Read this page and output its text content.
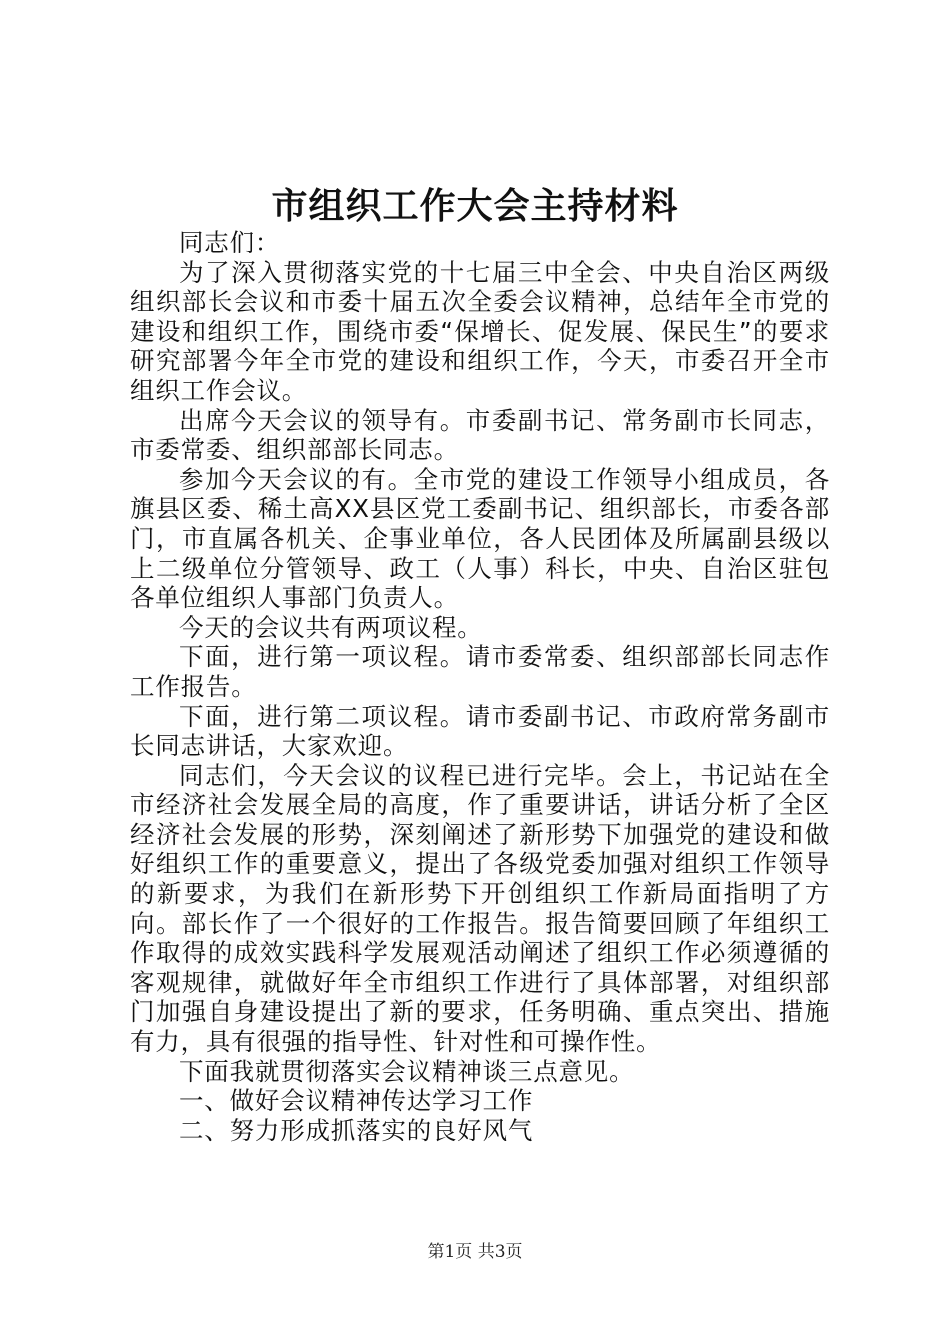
市组织工作大会主持材料

同志们：

为了深入贯彻落实党的十七届三中全会、中央自治区两级组织部长会议和市委十届五次全委会议精神，总结年全市党的建设和组织工作，围绕市委“保增长、促发展、保民生”的要求研究部署今年全市党的建设和组织工作，今天，市委召开全市组织工作会议。

出席今天会议的领导有。市委副书记、常务副市长同志，市委常委、组织部部长同志。

参加今天会议的有。全市党的建设工作领导小组成员，各旗县区委、稀土高XX县区党工委副书记、组织部长，市委各部门，市直属各机关、企事业单位，各人民团体及所属副县级以上二级单位分管领导、政工（人事）科长，中央、自治区驻包各单位组织人事部门负责人。

今天的会议共有两项议程。

下面，进行第一项议程。请市委常委、组织部部长同志作工作报告。

下面，进行第二项议程。请市委副书记、市政府常务副市长同志讲话，大家欢迎。

同志们，今天会议的议程已进行完毕。会上，书记站在全市经济社会发展全局的高度，作了重要讲话，讲话分析了全区经济社会发展的形势，深刻阐述了新形势下加强党的建设和做好组织工作的重要意义，提出了各级党委加强对组织工作领导的新要求，为我们在新形势下开创组织工作新局面指明了方向。部长作了一个很好的工作报告。报告简要回顾了年组织工作取得的成效实践科学发展观活动阐述了组织工作必须遵循的客观规律，就做好年全市组织工作进行了具体部署，对组织部门加强自身建设提出了新的要求，任务明确、重点突出、措施有力，具有很强的指导性、针对性和可操作性。

下面我就贯彻落实会议精神谈三点意见。

一、做好会议精神传达学习工作

二、努力形成抓落实的良好风气

第1页 共3页
